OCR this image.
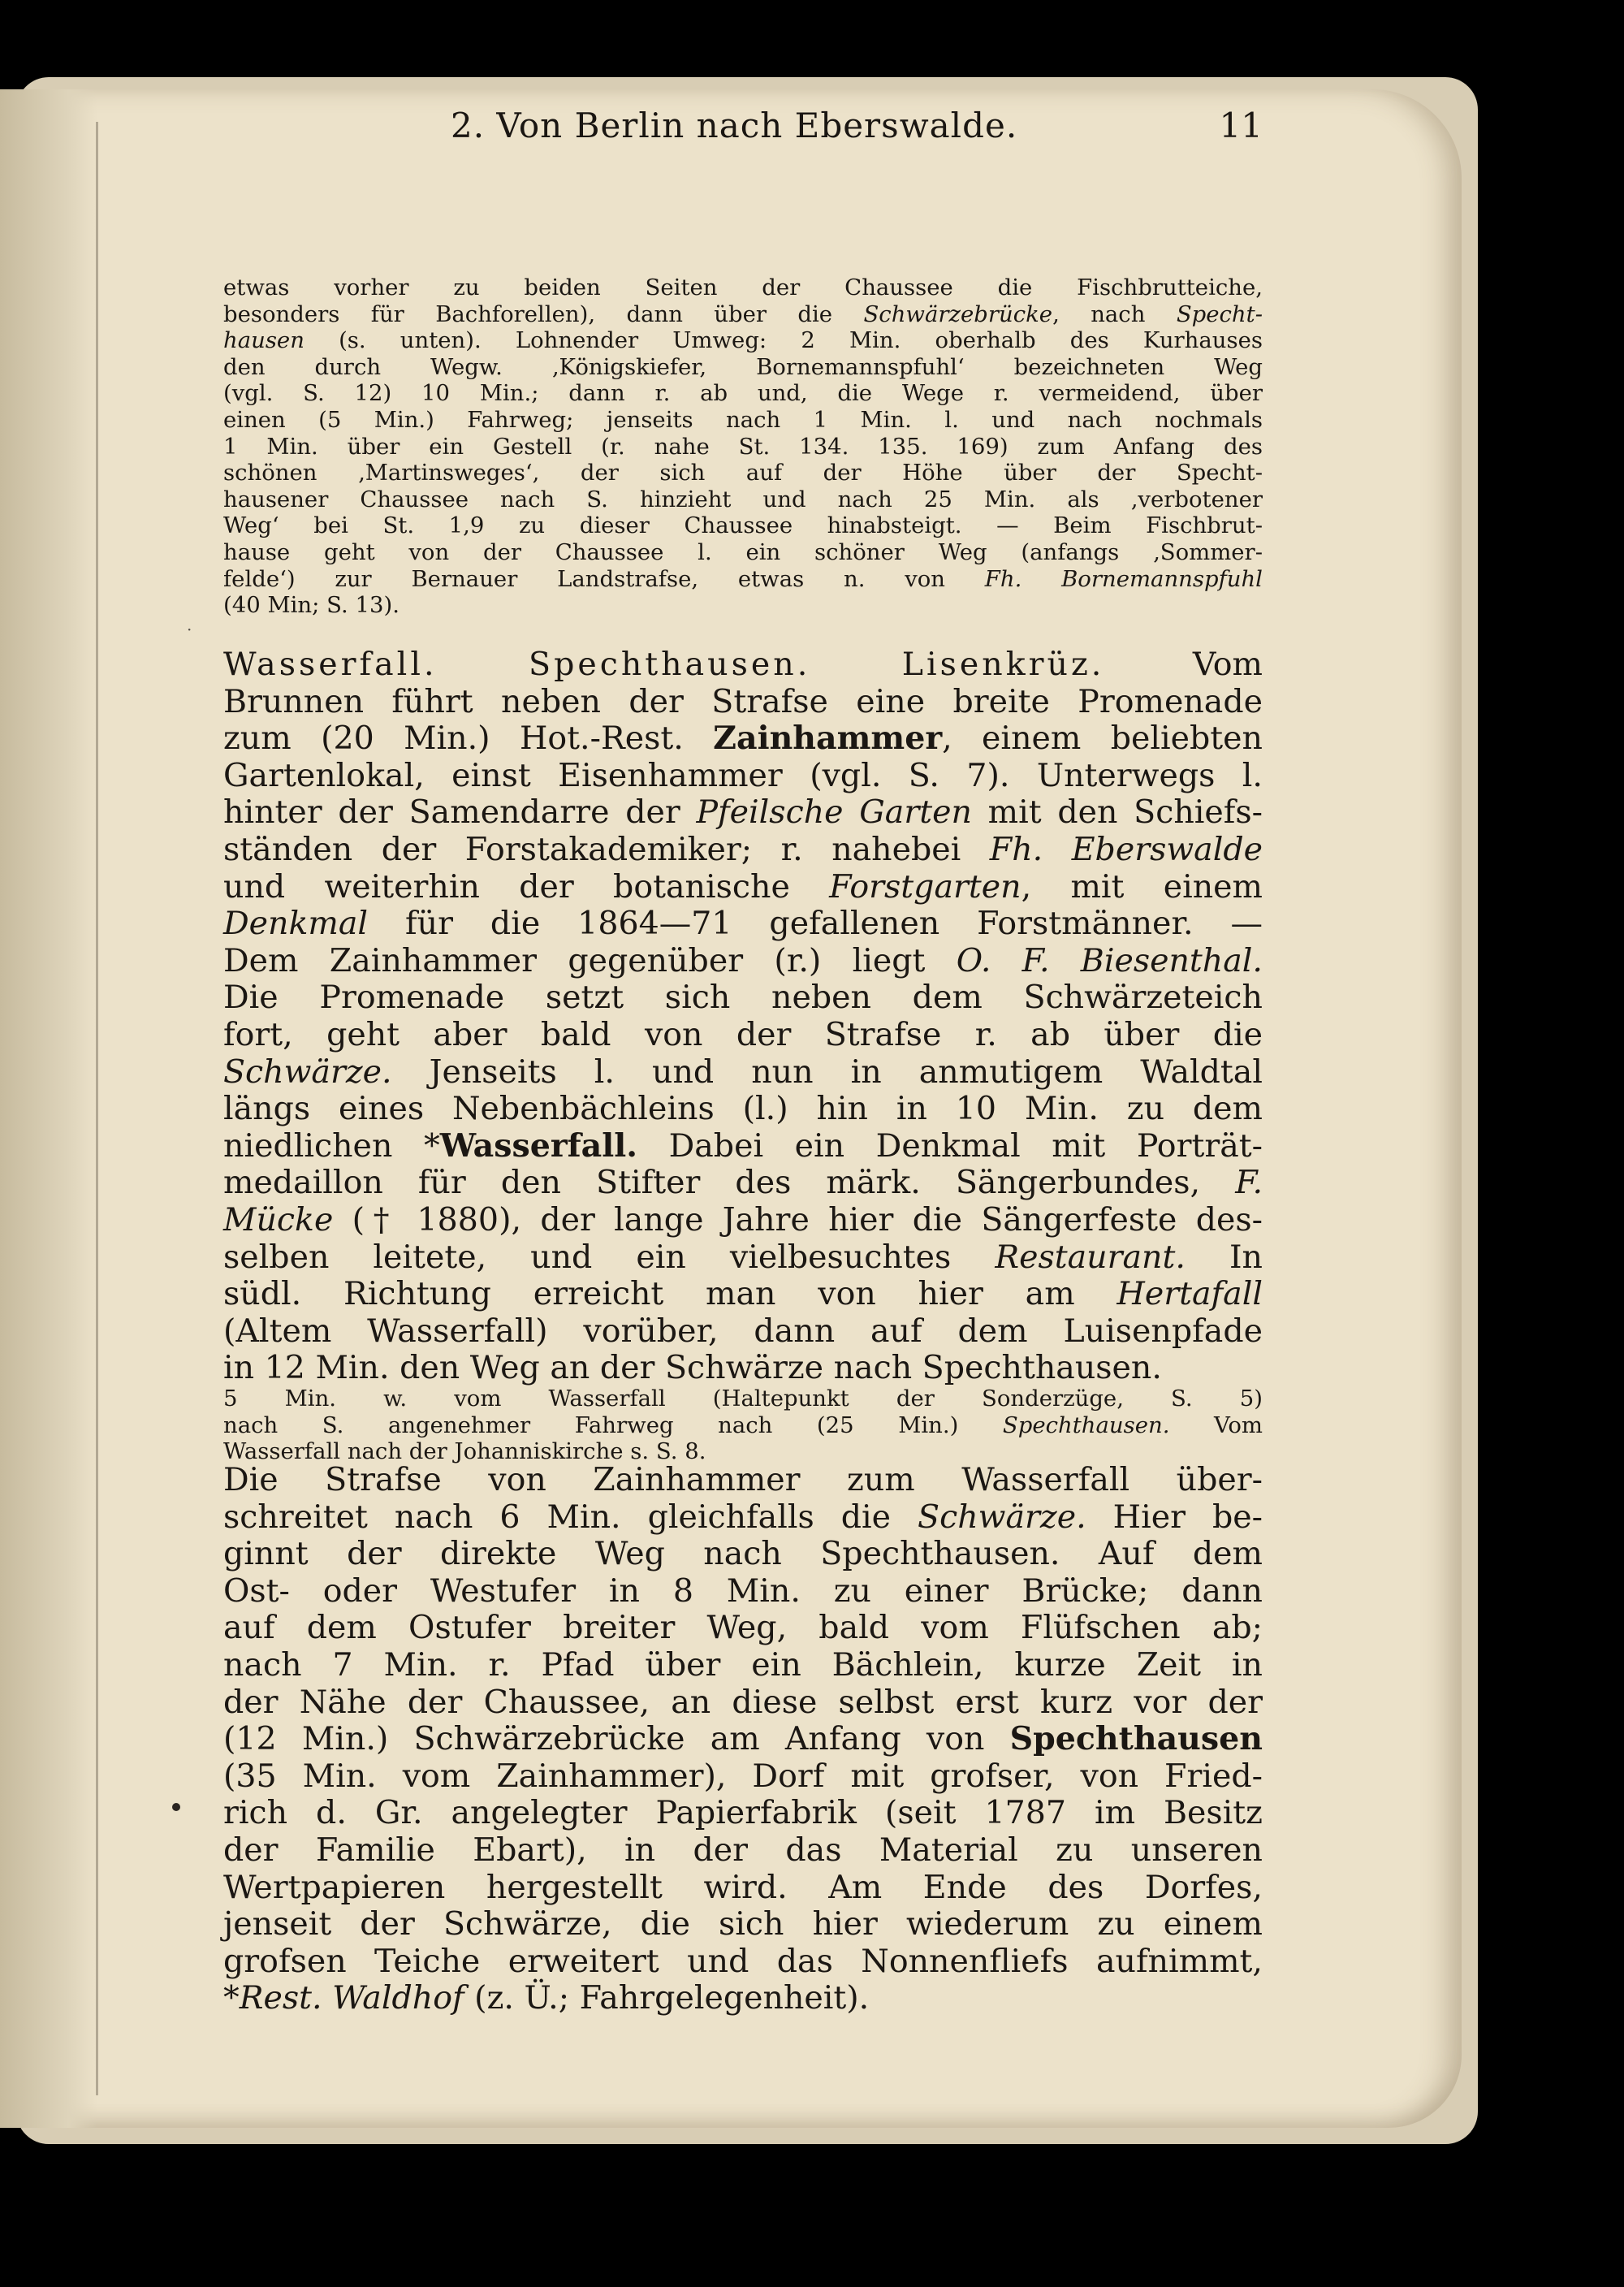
2. Von Berlin nach Eberswalde.	11
·
etwas vorher zu beiden Seiten der Chaussee die Fischbrutteiche,
besonders für Bachforellen), dann über die Schwärzebrücke, nach Specht-
hausen (s. unten). Lohnender Umweg: 2 Min. oberhalb des Kurhauses
den durch Wegw. ‚Königskiefer, Bornemannspfuhl‘ bezeichneten Weg
(vgl. S. 12) 10 Min.; dann r. ab und, die Wege r. vermeidend, über
einen (5 Min.) Fahrweg; jenseits nach 1 Min. l. und nach nochmals
1 Min. über ein Gestell (r. nahe St. 134. 135. 169) zum Anfang des
schönen ‚Martinsweges‘, der sich auf der Höhe über der Specht-
hausener Chaussee nach S. hinzieht und nach 25 Min. als ‚verbotener
Weg‘ bei St. 1,9 zu dieser Chaussee hinabsteigt. — Beim Fischbrut-
hause geht von der Chaussee l. ein schöner Weg (anfangs ‚Sommer-
felde‘) zur Bernauer Landstrafse, etwas n. von Fh. Bornemannspfuhl
(40 Min; S. 13).
Wasserfall. Spechthausen. Lisenkrüz. Vom
Brunnen führt neben der Strafse eine breite Promenade
zum (20 Min.) Hot.-Rest. Zainhammer, einem beliebten
Gartenlokal, einst Eisenhammer (vgl. S. 7). Unterwegs l.
hinter der Samendarre der Pfeilsche Garten mit den Schiefs-
ständen der Forstakademiker; r. nahebei Fh. Eberswalde
und weiterhin der botanische Forstgarten, mit einem
Denkmal für die 1864—71 gefallenen Forstmänner. —
Dem Zainhammer gegenüber (r.) liegt O. F. Biesenthal.
Die Promenade setzt sich neben dem Schwärzeteich
fort, geht aber bald von der Strafse r. ab über die
Schwärze. Jenseits l. und nun in anmutigem Waldtal
längs eines Nebenbächleins (l.) hin in 10 Min. zu dem
niedlichen *Wasserfall. Dabei ein Denkmal mit Porträt-
medaillon für den Stifter des märk. Sängerbundes, F.
Mücke († 1880), der lange Jahre hier die Sängerfeste des-
selben leitete, und ein vielbesuchtes Restaurant. In
südl. Richtung erreicht man von hier am Hertafall
(Altem Wasserfall) vorüber, dann auf dem Luisenpfade
in 12 Min. den Weg an der Schwärze nach Spechthausen.
5 Min. w. vom Wasserfall (Haltepunkt der Sonderzüge, S. 5)
nach S. angenehmer Fahrweg nach (25 Min.) Spechthausen. Vom
Wasserfall nach der Johanniskirche s. S. 8.
Die Strafse von Zainhammer zum Wasserfall über-
schreitet nach 6 Min. gleichfalls die Schwärze. Hier be-
ginnt der direkte Weg nach Spechthausen. Auf dem
Ost- oder Westufer in 8 Min. zu einer Brücke; dann
auf dem Ostufer breiter Weg, bald vom Flüfschen ab;
nach 7 Min. r. Pfad über ein Bächlein, kurze Zeit in
der Nähe der Chaussee, an diese selbst erst kurz vor der
(12 Min.) Schwärzebrücke am Anfang von Spechthausen
(35 Min. vom Zainhammer), Dorf mit grofser, von Fried-
rich d. Gr. angelegter Papierfabrik (seit 1787 im Besitz
der Familie Ebart), in der das Material zu unseren
Wertpapieren hergestellt wird. Am Ende des Dorfes,
jenseit der Schwärze, die sich hier wiederum zu einem
grofsen Teiche erweitert und das Nonnenfliefs aufnimmt,
*Rest. Waldhof (z. Ü.; Fahrgelegenheit).
